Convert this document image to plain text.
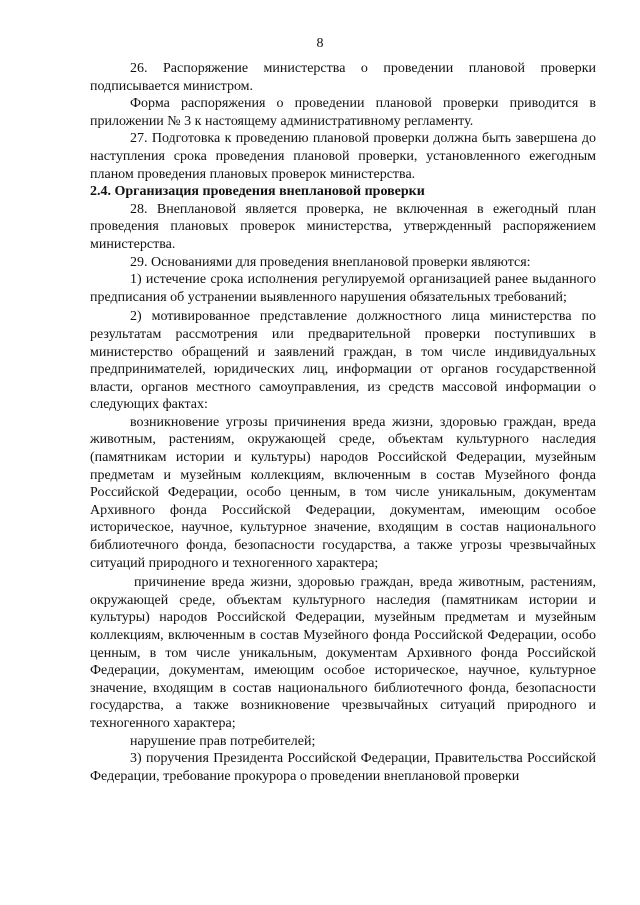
8

26. Распоряжение министерства о проведении плановой проверки подписывается министром.

Форма распоряжения о проведении плановой проверки приводится в приложении № 3 к настоящему административному регламенту.

27. Подготовка к проведению плановой проверки должна быть завершена до наступления срока проведения плановой проверки, установленного ежегодным планом проведения плановых проверок министерства.

2.4. Организация проведения внеплановой проверки

28. Внеплановой является проверка, не включенная в ежегодный план проведения плановых проверок министерства, утвержденный распоряжением министерства.

29. Основаниями для проведения внеплановой проверки являются:

1) истечение срока исполнения регулируемой организацией ранее выданного предписания об устранении выявленного нарушения обязательных требований;

2) мотивированное представление должностного лица министерства по результатам рассмотрения или предварительной проверки поступивших в министерство обращений и заявлений граждан, в том числе индивидуальных предпринимателей, юридических лиц, информации от органов государственной власти, органов местного самоуправления, из средств массовой информации о следующих фактах:

возникновение угрозы причинения вреда жизни, здоровью граждан, вреда животным, растениям, окружающей среде, объектам культурного наследия (памятникам истории и культуры) народов Российской Федерации, музейным предметам и музейным коллекциям, включенным в состав Музейного фонда Российской Федерации, особо ценным, в том числе уникальным, документам Архивного фонда Российской Федерации, документам, имеющим особое историческое, научное, культурное значение, входящим в состав национального библиотечного фонда, безопасности государства, а также угрозы чрезвычайных ситуаций природного и техногенного характера;

причинение вреда жизни, здоровью граждан, вреда животным, растениям, окружающей среде, объектам культурного наследия (памятникам истории и культуры) народов Российской Федерации, музейным предметам и музейным коллекциям, включенным в состав Музейного фонда Российской Федерации, особо ценным, в том числе уникальным, документам Архивного фонда Российской Федерации, документам, имеющим особое историческое, научное, культурное значение, входящим в состав национального библиотечного фонда, безопасности государства, а также возникновение чрезвычайных ситуаций природного и техногенного характера;

нарушение прав потребителей;

3) поручения Президента Российской Федерации, Правительства Российской Федерации, требование прокурора о проведении внеплановой проверки
